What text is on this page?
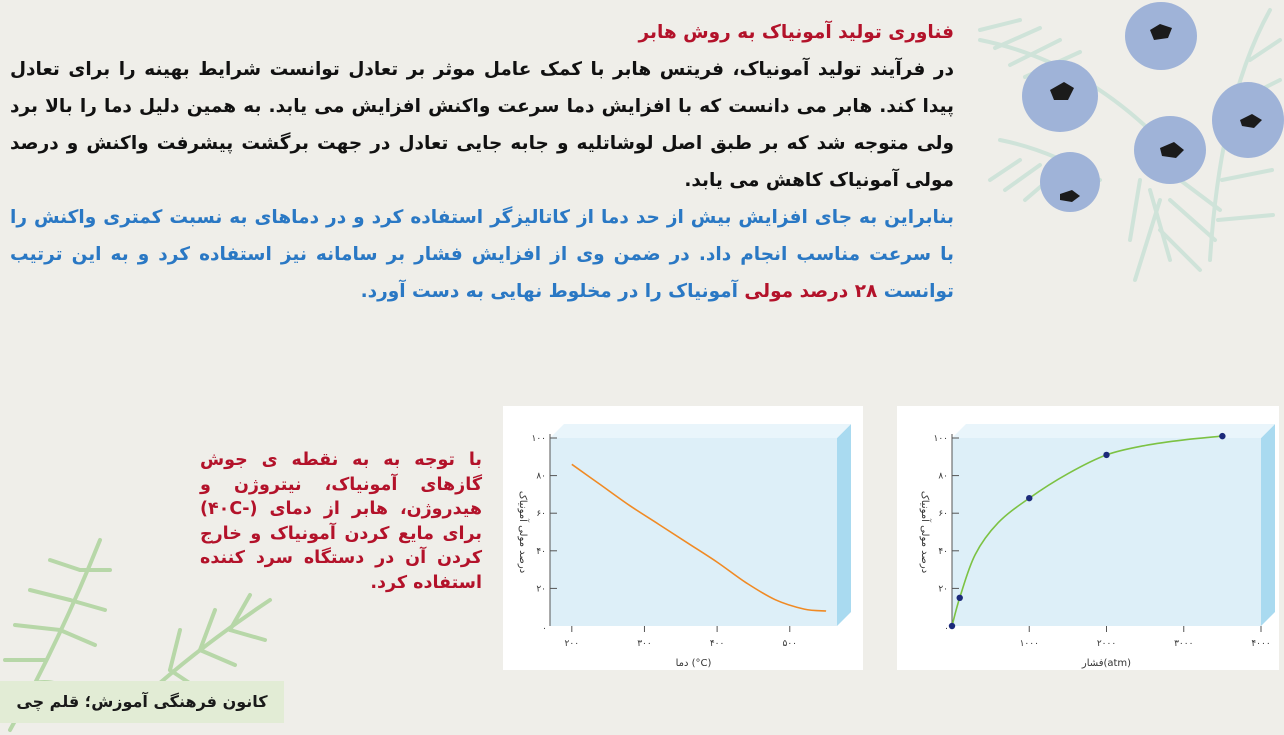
فناوری تولید آمونیاک به روش هابر
در فرآیند تولید آمونیاک، فریتس هابر با کمک عامل موثر بر تعادل توانست شرایط بهینه را برای تعادل پیدا کند. هابر می دانست که با افزایش دما سرعت واکنش افزایش می یابد. به همین دلیل دما را بالا برد ولی متوجه شد که بر طبق اصل لوشاتلیه و جابه جایی تعادل در جهت برگشت پیشرفت واکنش و درصد مولی آمونیاک کاهش می یابد.
بنابراین به جای افزایش بیش از حد دما از کاتالیزگر استفاده کرد و در دماهای به نسبت کمتری واکنش را با سرعت مناسب انجام داد. در ضمن وی از افزایش فشار بر سامانه نیز استفاده کرد و به این ترتیب توانست ۲۸ درصد مولی آمونیاک را در مخلوط نهایی به دست آورد.
با توجه به به نقطه ی جوش گازهای آمونیاک، نیتروژن و هیدروژن، هابر از دمای (-۴۰C) برای مایع کردن آمونیاک و خارج کردن آن در دستگاه سرد کننده استفاده کرد.	۲۰
۴۰
۶۰
۸۰
۱۰۰
.
۲۰۰	۳۰۰	۴۰۰	۵۰۰
دما (°C)
درصد مولی آمونیاک
۲۰
۴۰
۶۰
۸۰
۱۰۰
.
۱۰۰۰	۲۰۰۰	۳۰۰۰	۴۰۰۰
فشار(atm)
درصد مولی آمونیاک
کانون فرهنگی آموزش؛ قلم چی
